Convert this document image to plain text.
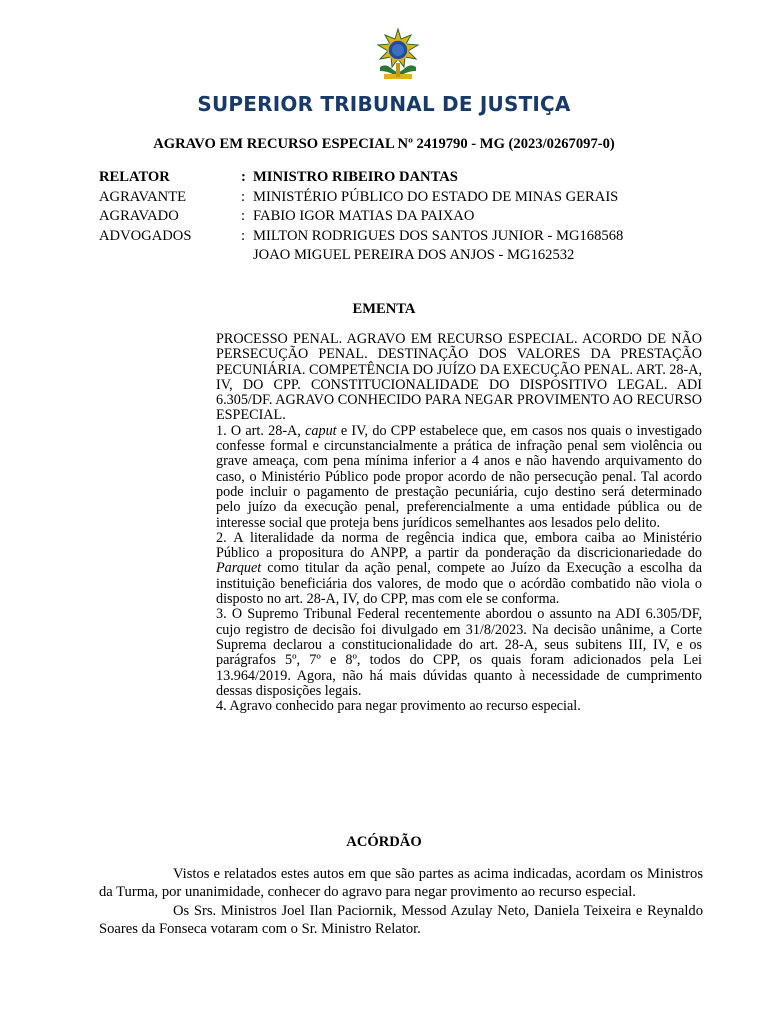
SUPERIOR TRIBUNAL DE JUSTIÇA
AGRAVO EM RECURSO ESPECIAL Nº 2419790 - MG (2023/0267097-0)
RELATOR	: MINISTRO RIBEIRO DANTAS
AGRAVANTE	: MINISTÉRIO PÚBLICO DO ESTADO DE MINAS GERAIS
AGRAVADO	: FABIO IGOR MATIAS DA PAIXAO
ADVOGADOS	: MILTON RODRIGUES DOS SANTOS JUNIOR - MG168568
JOAO MIGUEL PEREIRA DOS ANJOS - MG162532
EMENTA

PROCESSO PENAL. AGRAVO EM RECURSO ESPECIAL. ACORDO DE NÃO PERSECUÇÃO PENAL. DESTINAÇÃO DOS VALORES DA PRESTAÇÃO PECUNIÁRIA. COMPETÊNCIA DO JUÍZO DA EXECUÇÃO PENAL. ART. 28-A, IV, DO CPP. CONSTITUCIONALIDADE DO DISPOSITIVO LEGAL. ADI 6.305/DF. AGRAVO CONHECIDO PARA NEGAR PROVIMENTO AO RECURSO ESPECIAL.

1. O art. 28-A, caput e IV, do CPP estabelece que, em casos nos quais o investigado confesse formal e circunstancialmente a prática de infração penal sem violência ou grave ameaça, com pena mínima inferior a 4 anos e não havendo arquivamento do caso, o Ministério Público pode propor acordo de não persecução penal. Tal acordo pode incluir o pagamento de prestação pecuniária, cujo destino será determinado pelo juízo da execução penal, preferencialmente a uma entidade pública ou de interesse social que proteja bens jurídicos semelhantes aos lesados pelo delito.

2. A literalidade da norma de regência indica que, embora caiba ao Ministério Público a propositura do ANPP, a partir da ponderação da discricionariedade do Parquet como titular da ação penal, compete ao Juízo da Execução a escolha da instituição beneficiária dos valores, de modo que o acórdão combatido não viola o disposto no art. 28-A, IV, do CPP, mas com ele se conforma.

3. O Supremo Tribunal Federal recentemente abordou o assunto na ADI 6.305/DF, cujo registro de decisão foi divulgado em 31/8/2023. Na decisão unânime, a Corte Suprema declarou a constitucionalidade do art. 28-A, seus subitens III, IV, e os parágrafos 5º, 7º e 8º, todos do CPP, os quais foram adicionados pela Lei 13.964/2019. Agora, não há mais dúvidas quanto à necessidade de cumprimento dessas disposições legais.

4. Agravo conhecido para negar provimento ao recurso especial.

ACÓRDÃO

Vistos e relatados estes autos em que são partes as acima indicadas, acordam os Ministros da Turma, por unanimidade, conhecer do agravo para negar provimento ao recurso especial.

Os Srs. Ministros Joel Ilan Paciornik, Messod Azulay Neto, Daniela Teixeira e Reynaldo Soares da Fonseca votaram com o Sr. Ministro Relator.
